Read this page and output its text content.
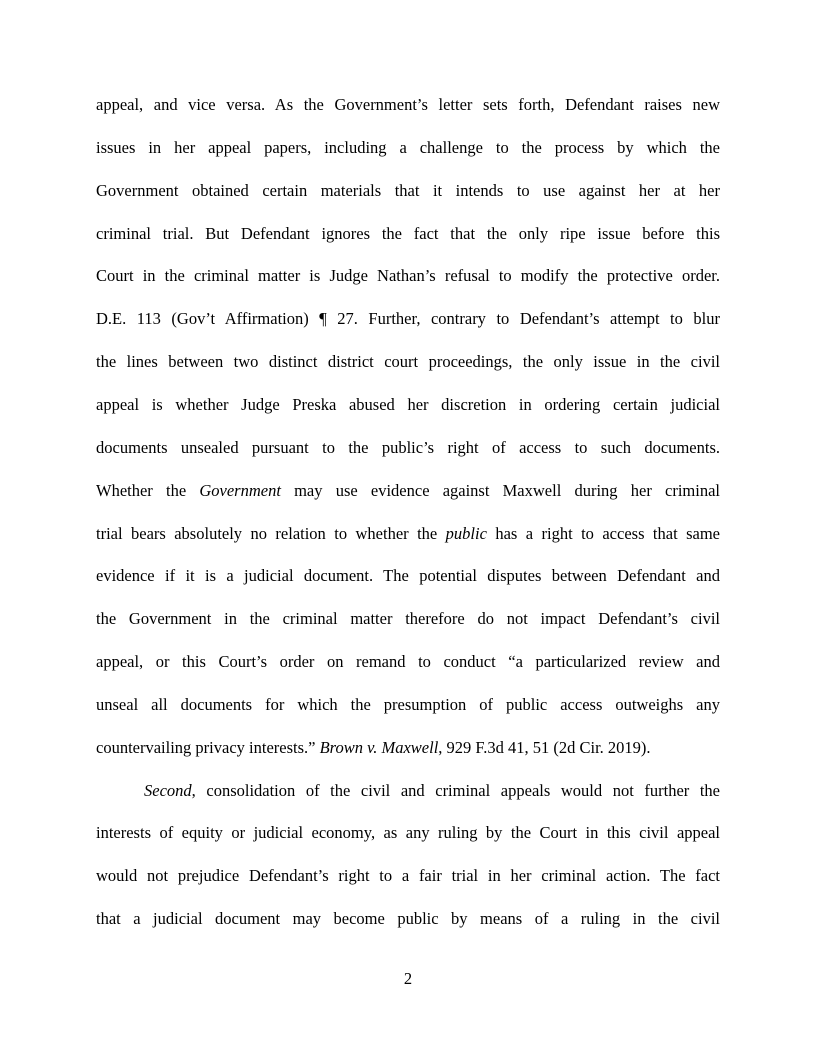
appeal, and vice versa. As the Government’s letter sets forth, Defendant raises new
issues in her appeal papers, including a challenge to the process by which the
Government obtained certain materials that it intends to use against her at her
criminal trial. But Defendant ignores the fact that the only ripe issue before this
Court in the criminal matter is Judge Nathan’s refusal to modify the protective order.
D.E. 113 (Gov’t Affirmation) ¶ 27. Further, contrary to Defendant’s attempt to blur
the lines between two distinct district court proceedings, the only issue in the civil
appeal is whether Judge Preska abused her discretion in ordering certain judicial
documents unsealed pursuant to the public’s right of access to such documents.
Whether the Government may use evidence against Maxwell during her criminal
trial bears absolutely no relation to whether the public has a right to access that same
evidence if it is a judicial document. The potential disputes between Defendant and
the Government in the criminal matter therefore do not impact Defendant’s civil
appeal, or this Court’s order on remand to conduct “a particularized review and
unseal all documents for which the presumption of public access outweighs any
countervailing privacy interests.” Brown v. Maxwell, 929 F.3d 41, 51 (2d Cir. 2019).
Second, consolidation of the civil and criminal appeals would not further the
interests of equity or judicial economy, as any ruling by the Court in this civil appeal
would not prejudice Defendant’s right to a fair trial in her criminal action. The fact
that a judicial document may become public by means of a ruling in the civil
2
